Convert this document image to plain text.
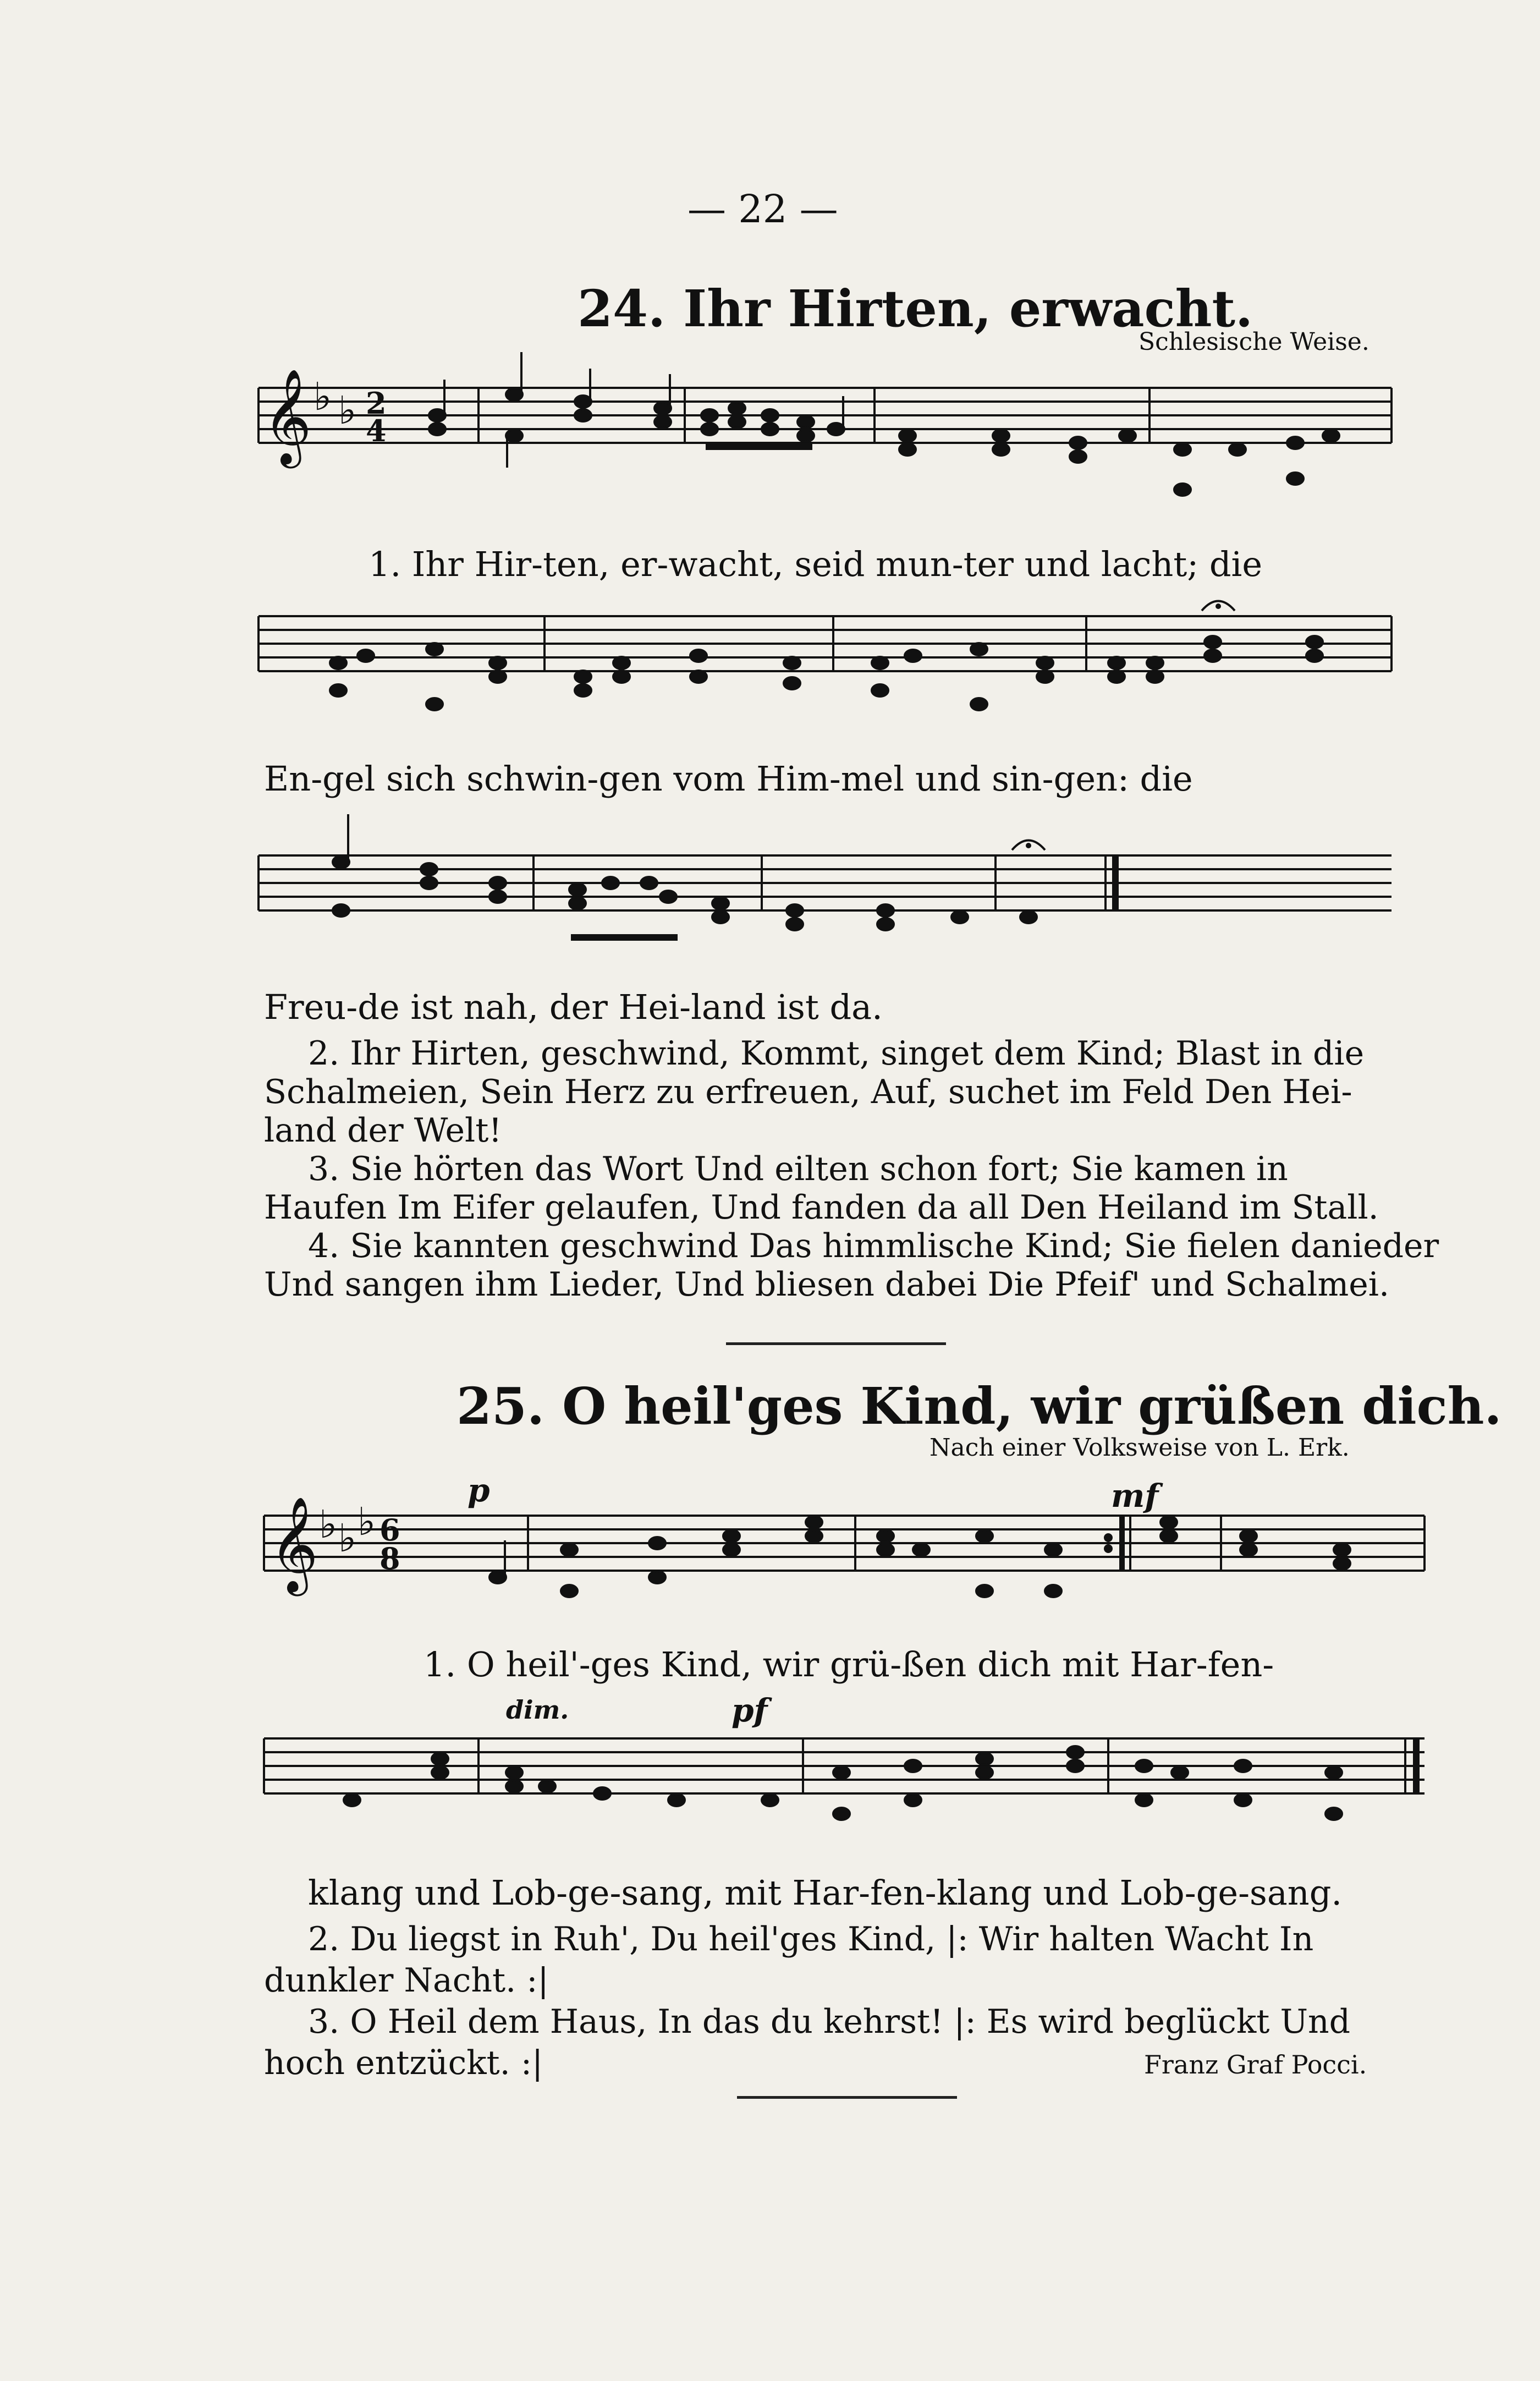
— 22 —
24. Ihr Hirten, erwacht.
Schlesische Weise.
𝄞 ♭ ♭ 2
4
1. Ihr Hir-ten, er-wacht, seid mun-ter und lacht; die
En-gel sich schwin-gen vom Him-mel und sin-gen: die
Freu-de ist nah, der Hei-land ist da.
2. Ihr Hirten, geschwind, Kommt, singet dem Kind; Blast in die
Schalmeien, Sein Herz zu erfreuen, Auf, suchet im Feld Den Hei-
land der Welt!
3. Sie hörten das Wort Und eilten schon fort; Sie kamen in
Haufen Im Eifer gelaufen, Und fanden da all Den Heiland im Stall.
4. Sie kannten geschwind Das himmlische Kind; Sie fielen danieder
Und sangen ihm Lieder, Und bliesen dabei Die Pfeif' und Schalmei.
25. O heil'ges Kind, wir grüßen dich.
Nach einer Volksweise von L. Erk.
p	mf
dim.	pf
𝄞 ♭ ♭ ♭ 6
8
1. O heil'-ges Kind, wir grü-ßen dich mit Har-fen-
klang und Lob-ge-sang, mit Har-fen-klang und Lob-ge-sang.
2. Du liegst in Ruh', Du heil'ges Kind, |: Wir halten Wacht In
dunkler Nacht. :|
3. O Heil dem Haus, In das du kehrst! |: Es wird beglückt Und
hoch entzückt. :|	Franz Graf Pocci.
